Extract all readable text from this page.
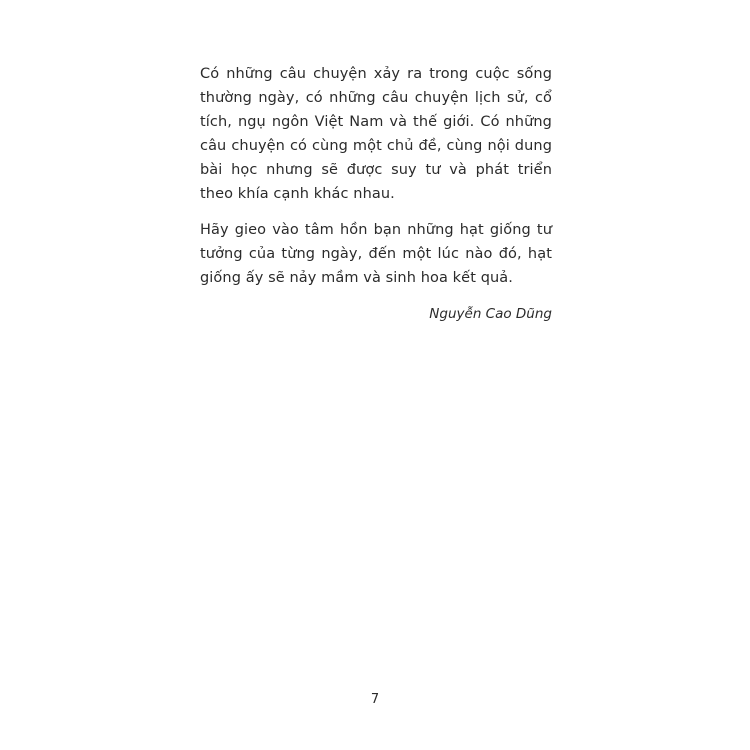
Có những câu chuyện xảy ra trong cuộc sống thường ngày, có những câu chuyện lịch sử, cổ tích, ngụ ngôn Việt Nam và thế giới. Có những câu chuyện có cùng một chủ đề, cùng nội dung bài học nhưng sẽ được suy tư và phát triển theo khía cạnh khác nhau.

Hãy gieo vào tâm hồn bạn những hạt giống tư tưởng của từng ngày, đến một lúc nào đó, hạt giống ấy sẽ nảy mầm và sinh hoa kết quả.

Nguyễn Cao Dũng

7
